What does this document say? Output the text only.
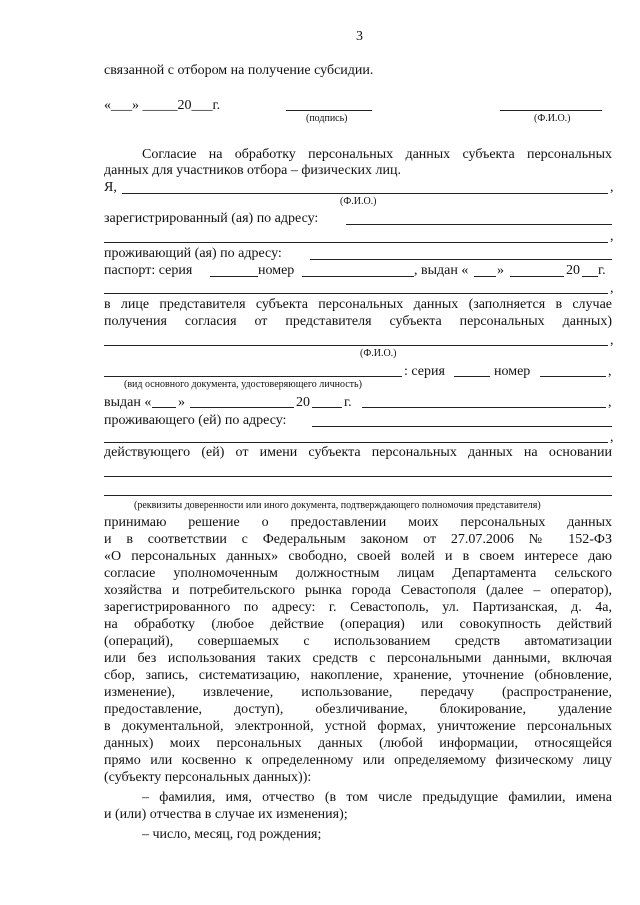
3
связанной с отбором на получение субсидии.
«___» _____20___г.
(подпись)	(Ф.И.О.)
Согласие на обработку персональных данных субъекта персональных
данных для участников отбора – физических лиц.
Я,	,
(Ф.И.О.)
зарегистрированный (ая) по адресу:
,
проживающий (ая) по адресу:
паспорт: серия	номер	, выдан « »	20 г.
,
в лице представителя субъекта персональных данных (заполняется в случае
получения согласия от представителя субъекта персональных данных)
,
(Ф.И.О.)
: серия	номер	,
(вид основного документа, удостоверяющего личность)
выдан « »	20 г.	,
проживающего (ей) по адресу:
,
действующего (ей) от имени субъекта персональных данных на основании
(реквизиты доверенности или иного документа, подтверждающего полномочия представителя)
принимаю решение о предоставлении моих персональных данных
и в соответствии с Федеральным законом от 27.07.2006 № 152-ФЗ
«О персональных данных» свободно, своей волей и в своем интересе даю
согласие уполномоченным должностным лицам Департамента сельского
хозяйства и потребительского рынка города Севастополя (далее – оператор),
зарегистрированного по адресу: г. Севастополь, ул. Партизанская, д. 4а,
на обработку (любое действие (операция) или совокупность действий
(операций), совершаемых с использованием средств автоматизации
или без использования таких средств с персональными данными, включая
сбор, запись, систематизацию, накопление, хранение, уточнение (обновление,
изменение), извлечение, использование, передачу (распространение,
предоставление, доступ), обезличивание, блокирование, удаление
в документальной, электронной, устной формах, уничтожение персональных
данных) моих персональных данных (любой информации, относящейся
прямо или косвенно к определенному или определяемому физическому лицу
(субъекту персональных данных)):
– фамилия, имя, отчество (в том числе предыдущие фамилии, имена
и (или) отчества в случае их изменения);
– число, месяц, год рождения;
